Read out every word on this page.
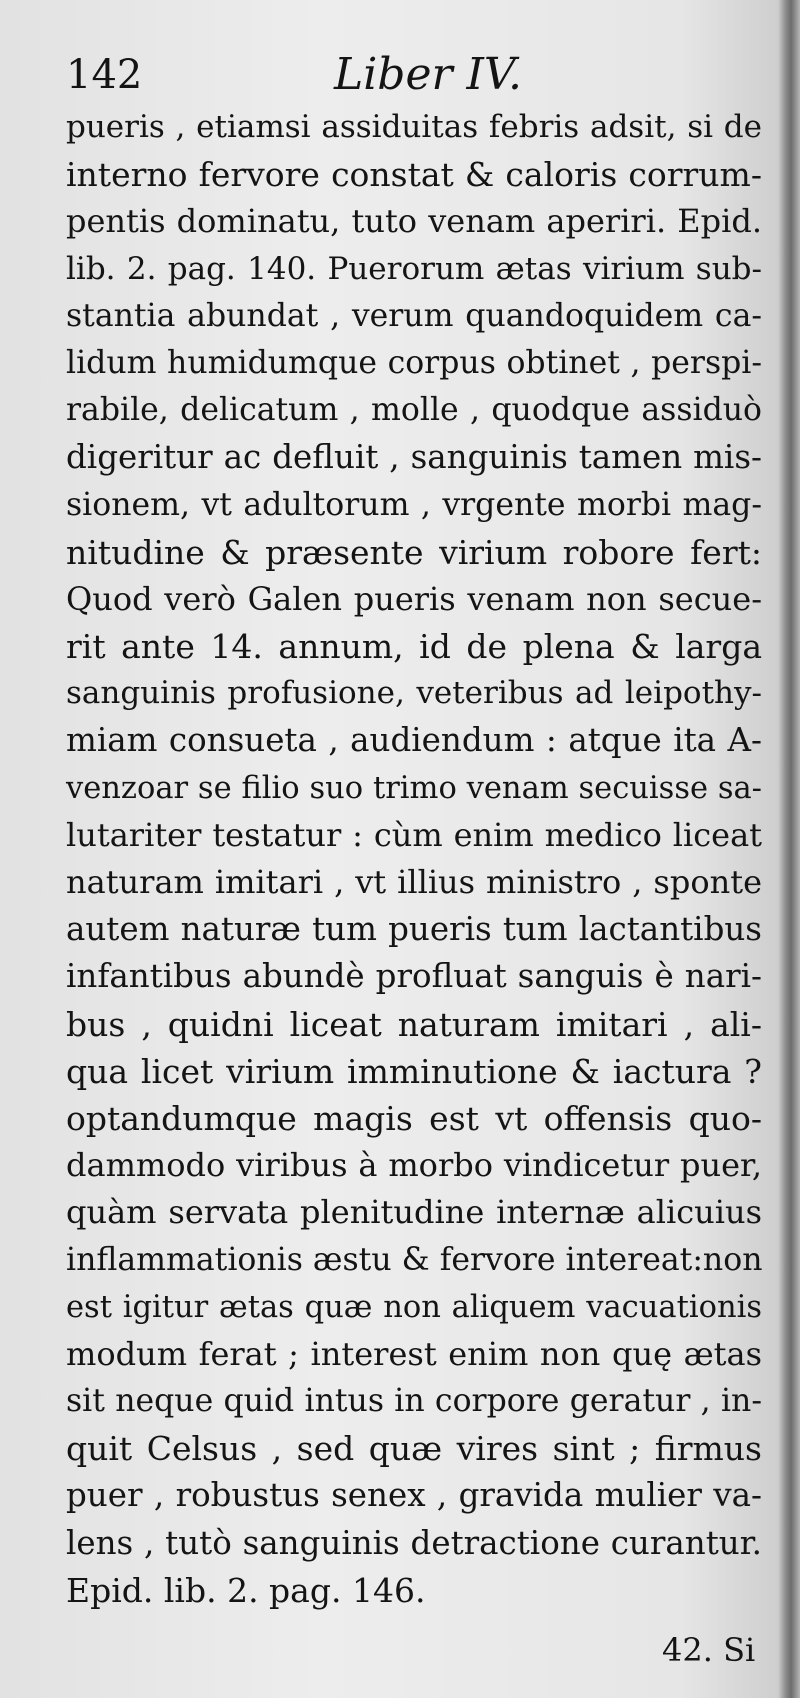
142	Liber IV.
pueris , etiamsi assiduitas febris adsit, si de
interno fervore constat & caloris corrum-
pentis dominatu, tuto venam aperiri. Epid.
lib. 2. pag. 140. Puerorum ætas virium sub-
stantia abundat , verum quandoquidem ca-
lidum humidumque corpus obtinet , perspi-
rabile, delicatum , molle , quodque assiduò
digeritur ac defluit , sanguinis tamen mis-
sionem, vt adultorum , vrgente morbi mag-
nitudine & præsente virium robore fert:
Quod verò Galen pueris venam non secue-
rit ante 14. annum, id de plena & larga
sanguinis profusione, veteribus ad leipothy-
miam consueta , audiendum : atque ita A-
venzoar se filio suo trimo venam secuisse sa-
lutariter testatur : cùm enim medico liceat
naturam imitari , vt illius ministro , sponte
autem naturæ tum pueris tum lactantibus
infantibus abundè profluat sanguis è nari-
bus , quidni liceat naturam imitari , ali-
qua licet virium imminutione & iactura ?
optandumque magis est vt offensis quo-
dammodo viribus à morbo vindicetur puer,
quàm servata plenitudine internæ alicuius
inflammationis æstu & fervore intereat:non
est igitur ætas quæ non aliquem vacuationis
modum ferat ; interest enim non quę ætas
sit neque quid intus in corpore geratur , in-
quit Celsus , sed quæ vires sint ; firmus
puer , robustus senex , gravida mulier va-
lens , tutò sanguinis detractione curantur.
Epid. lib. 2. pag. 146.
42. Si
